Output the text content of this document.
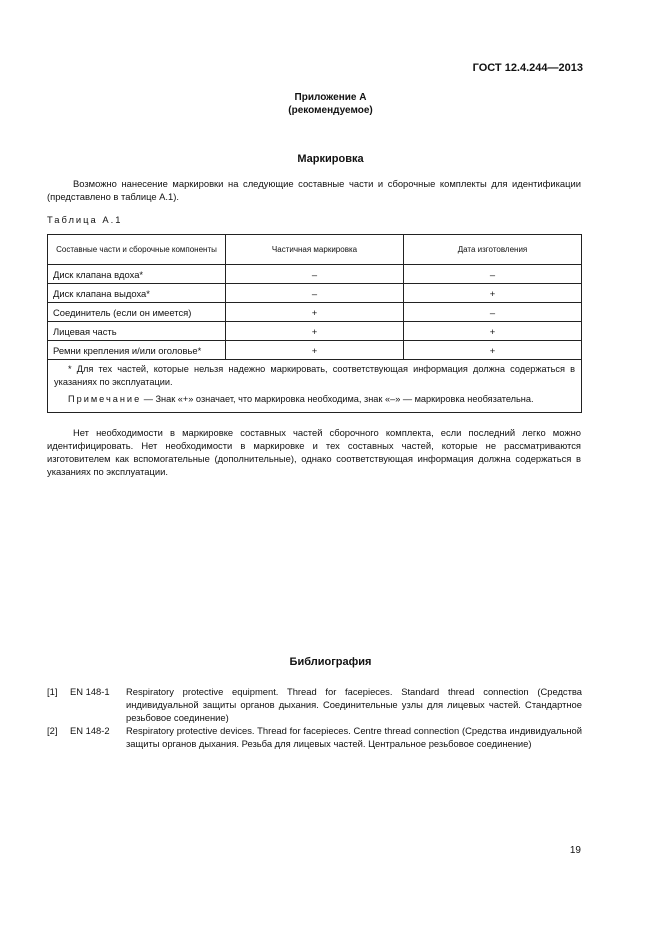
ГОСТ 12.4.244—2013
Приложение А
(рекомендуемое)
Маркировка
Возможно нанесение маркировки на следующие составные части и сборочные комплекты для идентификации (представлено в таблице А.1).
Таблица А.1
Составные части и сборочные компоненты	Частичная маркировка	Дата изготовления
Диск клапана вдоха*	–	–
Диск клапана выдоха*	–	+
Соединитель (если он имеется)	+	–
Лицевая часть	+	+
Ремни крепления и/или оголовье*	+	+

* Для тех частей, которые нельзя надежно маркировать, соответствующая информация должна содержаться в указаниях по эксплуатации.
Примечание — Знак «+» означает, что маркировка необходима, знак «–» — маркировка необязательна.		
Нет необходимости в маркировке составных частей сборочного комплекта, если последний легко можно идентифицировать. Нет необходимости в маркировке и тех составных частей, которые не рассматриваются изготовителем как вспомогательные (дополнительные), однако соответствующая информация должна содержаться в указаниях по эксплуатации.
Библиография
[1] EN 148-1 Respiratory protective equipment. Thread for facepieces. Standard thread connection (Средства индивидуальной защиты органов дыхания. Соединительные узлы для лицевых частей. Стандартное резьбовое соединение)
[2] EN 148-2 Respiratory protective devices. Thread for facepieces. Centre thread connection (Средства индивидуальной защиты органов дыхания. Резьба для лицевых частей. Центральное резьбовое соединение)
19
